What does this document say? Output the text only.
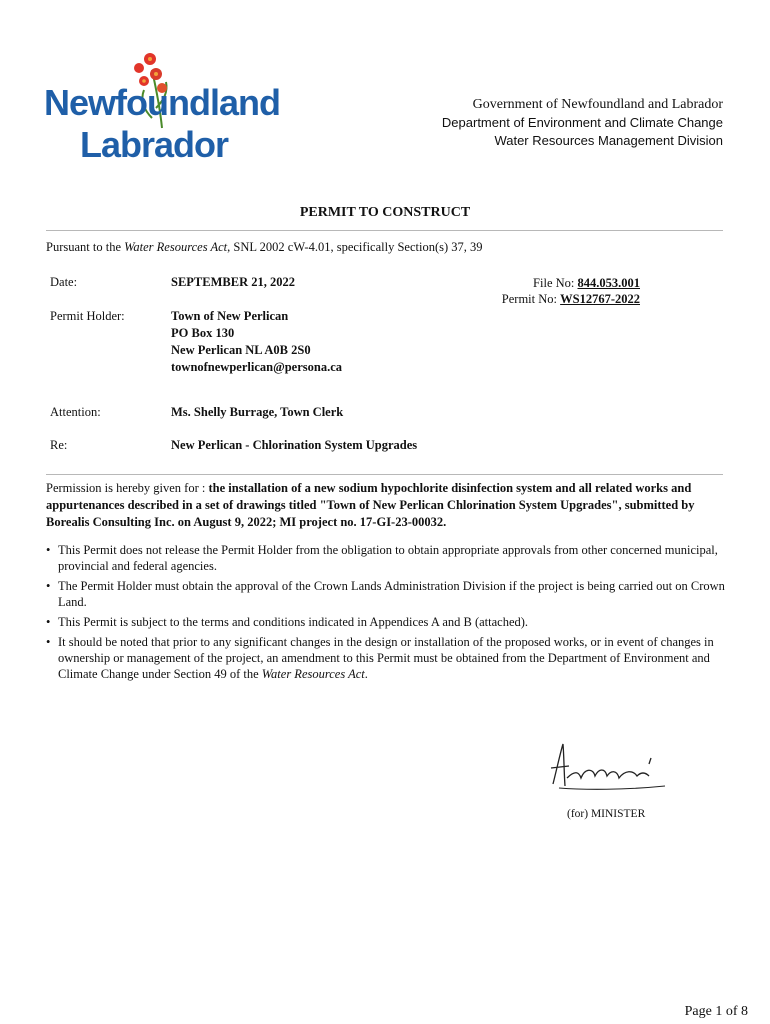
Newfoundland
Labrador
Government of Newfoundland and Labrador
Department of Environment and Climate Change
Water Resources Management Division
PERMIT TO CONSTRUCT
Pursuant to the Water Resources Act, SNL 2002 cW-4.01, specifically Section(s) 37, 39
Date:	SEPTEMBER 21, 2022	File No: 844.053.001
Permit No: WS12767-2022
Permit Holder:	Town of New Perlican
PO Box 130
New Perlican NL A0B 2S0
townofnewperlican@persona.ca
Attention:	Ms. Shelly Burrage, Town Clerk
Re:	New Perlican - Chlorination System Upgrades
Permission is hereby given for : the installation of a new sodium hypochlorite disinfection system and all related works and appurtenances described in a set of drawings titled "Town of New Perlican Chlorination System Upgrades", submitted by Borealis Consulting Inc. on August 9, 2022; MI project no. 17-GI-23-00032.
• This Permit does not release the Permit Holder from the obligation to obtain appropriate approvals from other concerned municipal, provincial and federal agencies.
• The Permit Holder must obtain the approval of the Crown Lands Administration Division if the project is being carried out on Crown Land.
• This Permit is subject to the terms and conditions indicated in Appendices A and B (attached).
• It should be noted that prior to any significant changes in the design or installation of the proposed works, or in event of changes in ownership or management of the project, an amendment to this Permit must be obtained from the Department of Environment and Climate Change under Section 49 of the Water Resources Act.
(for) MINISTER
Page 1 of 8
